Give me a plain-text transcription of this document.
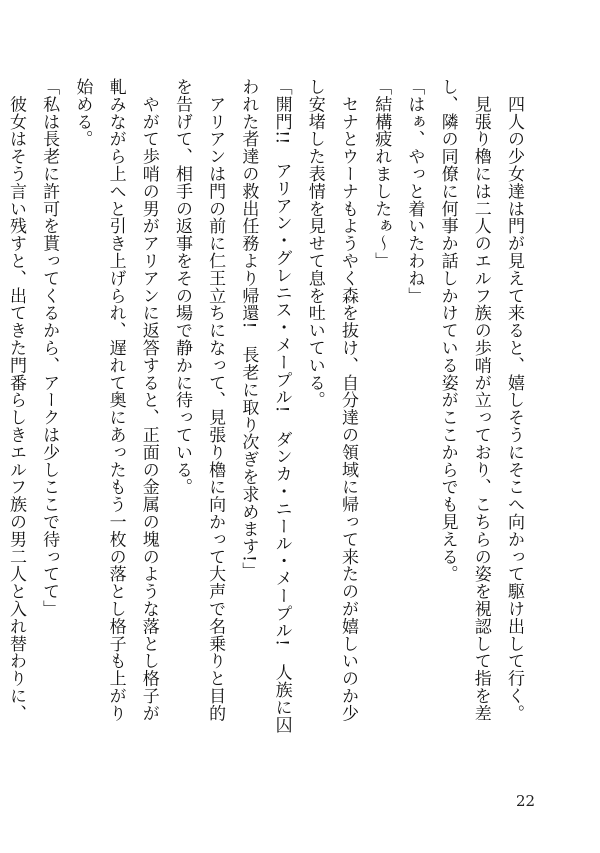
四人の少女達は門が見えて来ると、嬉しそうにそこへ向かって駆け出して行く。

見張り櫓には二人のエルフ族の歩哨が立っており、こちらの姿を視認して指を差し、隣の同僚に何事か話しかけている姿がここからでも見える。

「はぁ、やっと着いたわね」

「結構疲れましたぁ～」

セナとウーナもようやく森を抜け、自分達の領域に帰って来たのが嬉しいのか少し安堵した表情を見せて息を吐いている。

「開門!!　アリアン・グレニス・メープル!　ダンカ・ニール・メープル!　人族に囚われた者達の救出任務より帰還!　長老に取り次ぎを求めます!」

アリアンは門の前に仁王立ちになって、見張り櫓に向かって大声で名乗りと目的を告げて、相手の返事をその場で静かに待っている。

やがて歩哨の男がアリアンに返答すると、正面の金属の塊のような落とし格子が軋みながら上へと引き上げられ、遅れて奥にあったもう一枚の落とし格子も上がり始める。

「私は長老に許可を貰ってくるから、アークは少しここで待ってて」

彼女はそう言い残すと、出てきた門番らしきエルフ族の男二人と入れ替わりに、

22
